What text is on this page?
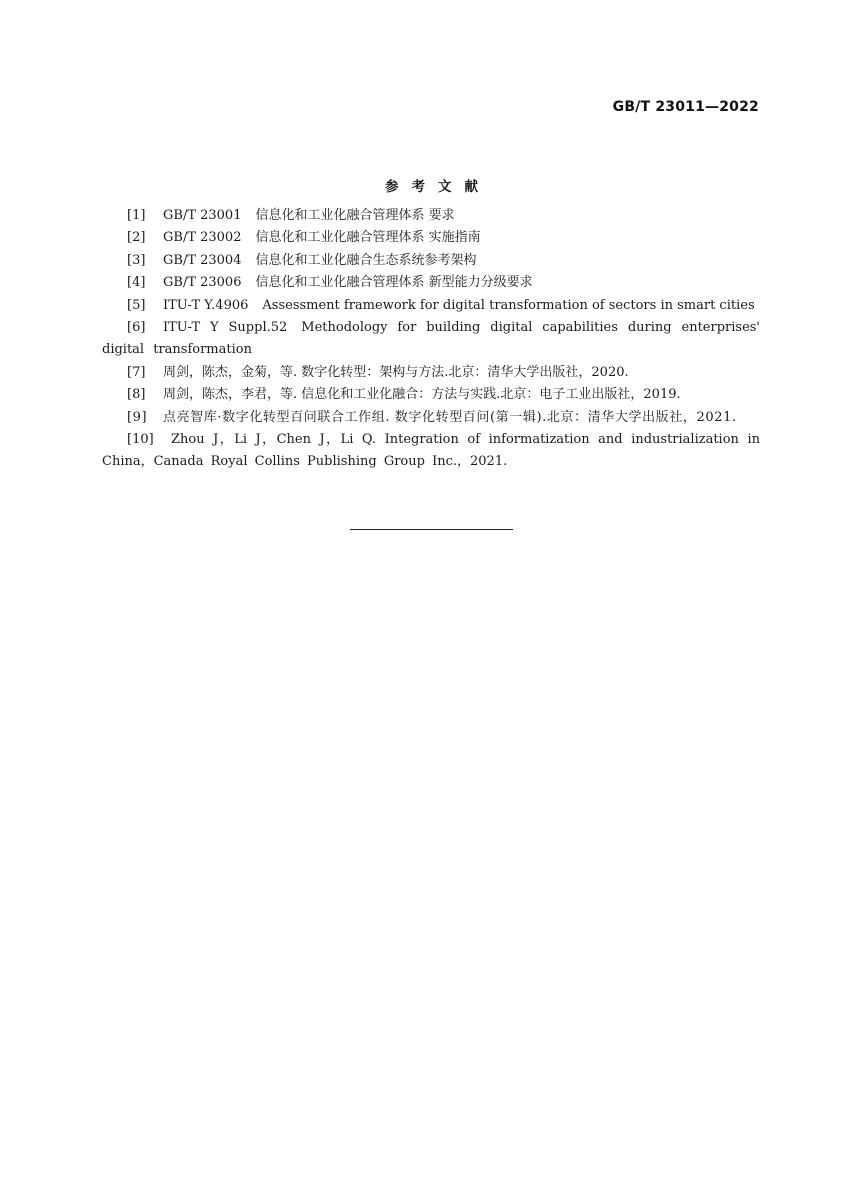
GB/T 23011—2022
参考文献

[1] GB/T 23001 信息化和工业化融合管理体系 要求

[2] GB/T 23002 信息化和工业化融合管理体系 实施指南

[3] GB/T 23004 信息化和工业化融合生态系统参考架构

[4] GB/T 23006 信息化和工业化融合管理体系 新型能力分级要求

[5] ITU-T Y.4906 Assessment framework for digital transformation of sectors in smart cities

[6] ITU-T Y Suppl.52 Methodology for building digital capabilities during enterprises' digital transformation

[7] 周剑，陈杰，金菊，等. 数字化转型：架构与方法.北京：清华大学出版社，2020.

[8] 周剑，陈杰，李君，等. 信息化和工业化融合：方法与实践.北京：电子工业出版社，2019.

[9] 点亮智库·数字化转型百问联合工作组. 数字化转型百问(第一辑).北京：清华大学出版社，2021.

[10] Zhou J，Li J，Chen J，Li Q. Integration of informatization and industrialization in China，Canada Royal Collins Publishing Group Inc.，2021.
